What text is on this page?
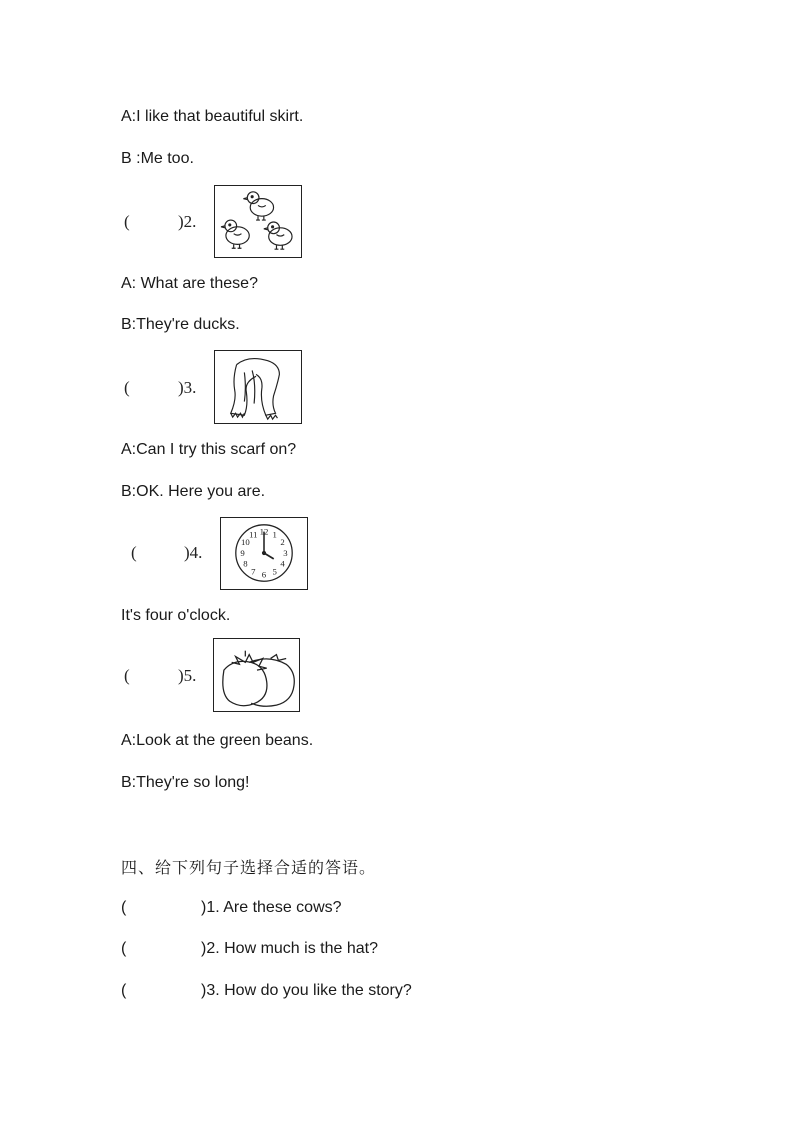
A:I like that beautiful skirt.
B :Me too.
(	)2.
A: What are these?
B:They're ducks.
(	)3.
A:Can I try this scarf on?
B:OK. Here you are.
(	)4.
12 1
2
3
4
5
6
7
8
9
10
11
It's four o'clock.
(	)5.
A:Look at the green beans.
B:They're so long!
四、给下列句子选择合适的答语。
(	)1. Are these cows?
(	)2. How much is the hat?
(	)3. How do you like the story?
